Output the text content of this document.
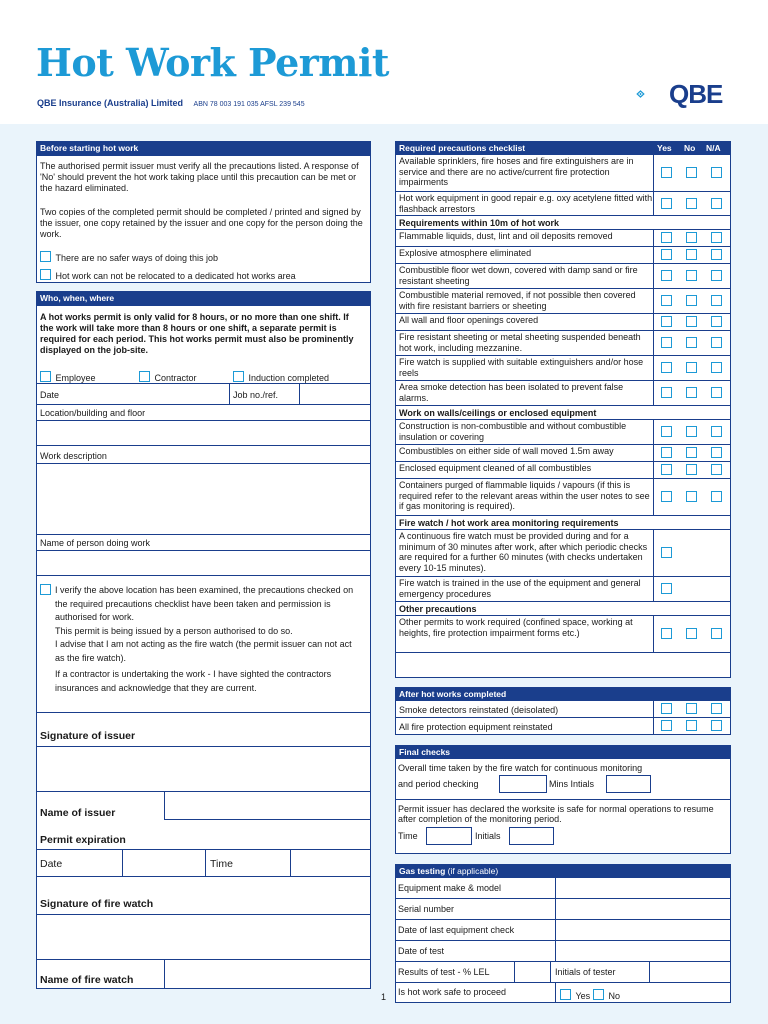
Hot Work Permit
QBE Insurance (Australia) Limited ABN 78 003 191 035 AFSL 239 545	QBE
Before starting hot work
The authorised permit issuer must verify all the precautions listed. A response of 'No' should prevent the hot work taking place until this precaution can be met or the hazard eliminated.
Two copies of the completed permit should be completed / printed and signed by the issuer, one copy retained by the issuer and one copy for the person doing the work.
There are no safer ways of doing this job
Hot work can not be relocated to a dedicated hot works area
Who, when, where
A hot works permit is only valid for 8 hours, or no more than one shift. If the work will take more than 8 hours or one shift, a separate permit is required for each period. This hot works permit must also be prominently displayed on the job-site.
Employee	Contractor	Induction completed
Date	Job no./ref.
Location/building and floor
Work description
Name of person doing work
I verify the above location has been examined, the precautions checked on the required precautions checklist have been taken and permission is authorised for work.
This permit is being issued by a person authorised to do so.
I advise that I am not acting as the fire watch (the permit issuer can not act as the fire watch).
If a contractor is undertaking the work - I have sighted the contractors insurances and acknowledge that they are current.
Signature of issuer
Name of issuer
Permit expiration
Date	Time
Signature of fire watch
Name of fire watch
Required precautions checklist	Yes No N/A
Available sprinklers, fire hoses and fire extinguishers are in service and there are no active/current fire protection impairments
Hot work equipment in good repair e.g. oxy acetylene fitted with flashback arrestors
Requirements within 10m of hot work
Flammable liquids, dust, lint and oil deposits removed
Explosive atmosphere eliminated
Combustible floor wet down, covered with damp sand or fire resistant sheeting
Combustible material removed, if not possible then covered with fire resistant barriers or sheeting
All wall and floor openings covered
Fire resistant sheeting or metal sheeting suspended beneath hot work, including mezzanine.
Fire watch is supplied with suitable extinguishers and/or hose reels
Area smoke detection has been isolated to prevent false alarms.
Work on walls/ceilings or enclosed equipment
Construction is non-combustible and without combustible insulation or covering
Combustibles on either side of wall moved 1.5m away
Enclosed equipment cleaned of all combustibles
Containers purged of flammable liquids / vapours (if this is required refer to the relevant areas within the user notes to see if gas monitoring is required).
Fire watch / hot work area monitoring requirements
A continuous fire watch must be provided during and for a minimum of 30 minutes after work, after which periodic checks are required for a further 60 minutes (with checks undertaken every 10-15 minutes).
Fire watch is trained in the use of the equipment and general emergency procedures
Other precautions
Other permits to work required (confined space, working at heights, fire protection impairment forms etc.)
After hot works completed
Smoke detectors reinstated (deisolated)
All fire protection equipment reinstated
Final checks
Overall time taken by the fire watch for continuous monitoring
and period checking	Mins Intials
Permit issuer has declared the worksite is safe for normal operations to resume after completion of the monitoring period.
Time	Initials
Gas testing (if applicable)
Equipment make & model
Serial number
Date of last equipment check
Date of test
Results of test - % LEL	Initials of tester
Is hot work safe to proceed	Yes	No
1
